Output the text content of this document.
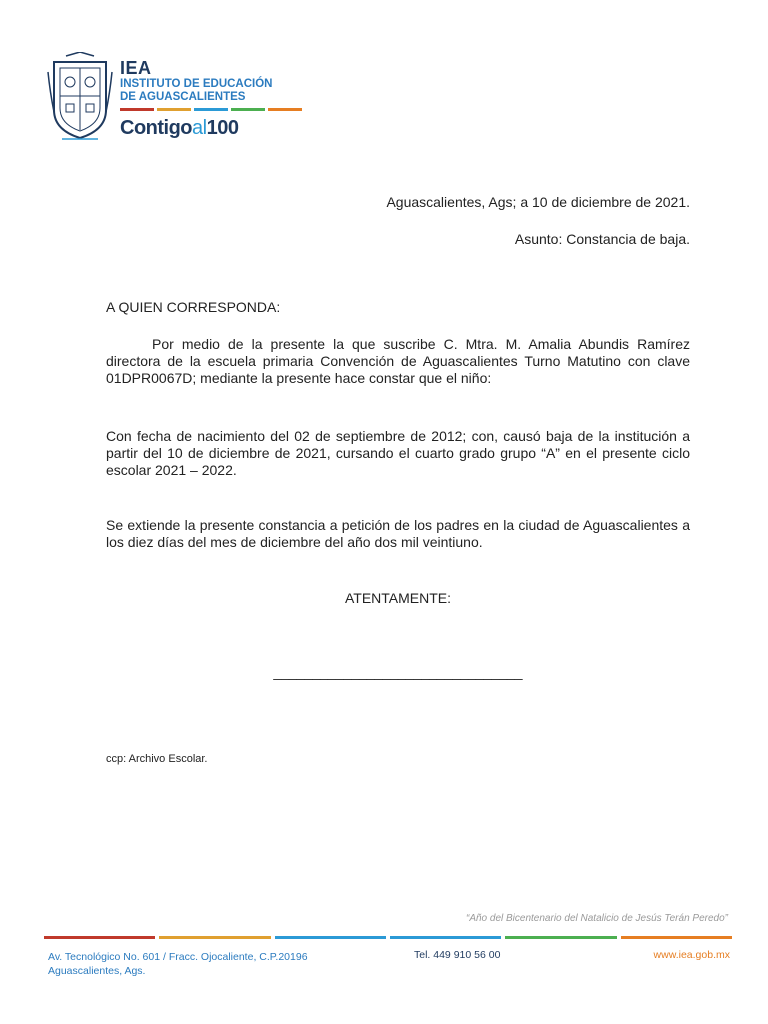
IEA
INSTITUTO DE EDUCACIÓN
DE AGUASCALIENTES
Contigoal100
Aguascalientes, Ags; a 10 de diciembre de 2021.
Asunto: Constancia de baja.
A QUIEN CORRESPONDA:
Por medio de la presente la que suscribe C. Mtra. M. Amalia Abundis Ramírez directora de la escuela primaria Convención de Aguascalientes Turno Matutino con clave 01DPR0067D; mediante la presente hace constar que el niño:
Con fecha de nacimiento del 02 de septiembre de 2012; con, causó baja de la institución a partir del 10 de diciembre de 2021, cursando el cuarto grado grupo “A” en el presente ciclo escolar 2021 – 2022.
Se extiende la presente constancia a petición de los padres en la ciudad de Aguascalientes a los diez días del mes de diciembre del año dos mil veintiuno.
ATENTAMENTE:
________________________________
ccp: Archivo Escolar.
“Año del Bicentenario del Natalicio de Jesús Terán Peredo”
Av. Tecnológico No. 601 / Fracc. Ojocaliente, C.P.20196
Aguascalientes, Ags.
Tel. 449 910 56 00	www.iea.gob.mx
